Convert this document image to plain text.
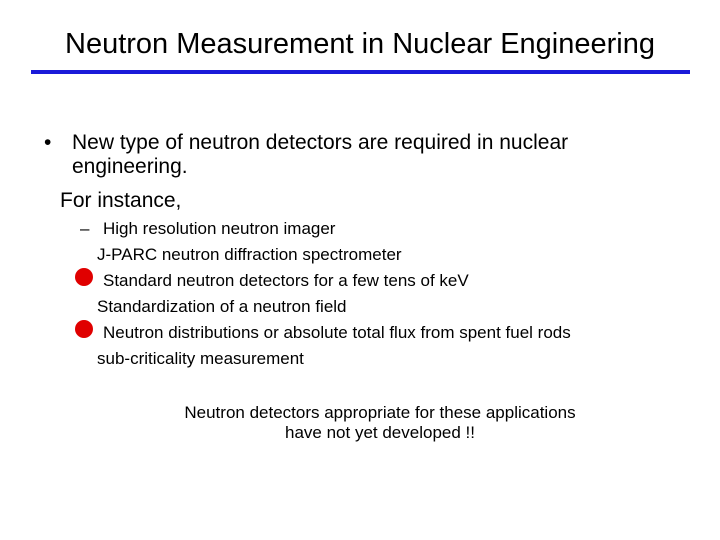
Neutron Measurement in Nuclear Engineering
• New type of neutron detectors are required in nuclear
engineering.
For instance,
– High resolution neutron imager
J-PARC neutron diffraction spectrometer
Standard neutron detectors for a few tens of keV
Standardization of a neutron field
Neutron distributions or absolute total flux from spent fuel rods
sub-criticality measurement
Neutron detectors appropriate for these applications
have not yet developed !!
